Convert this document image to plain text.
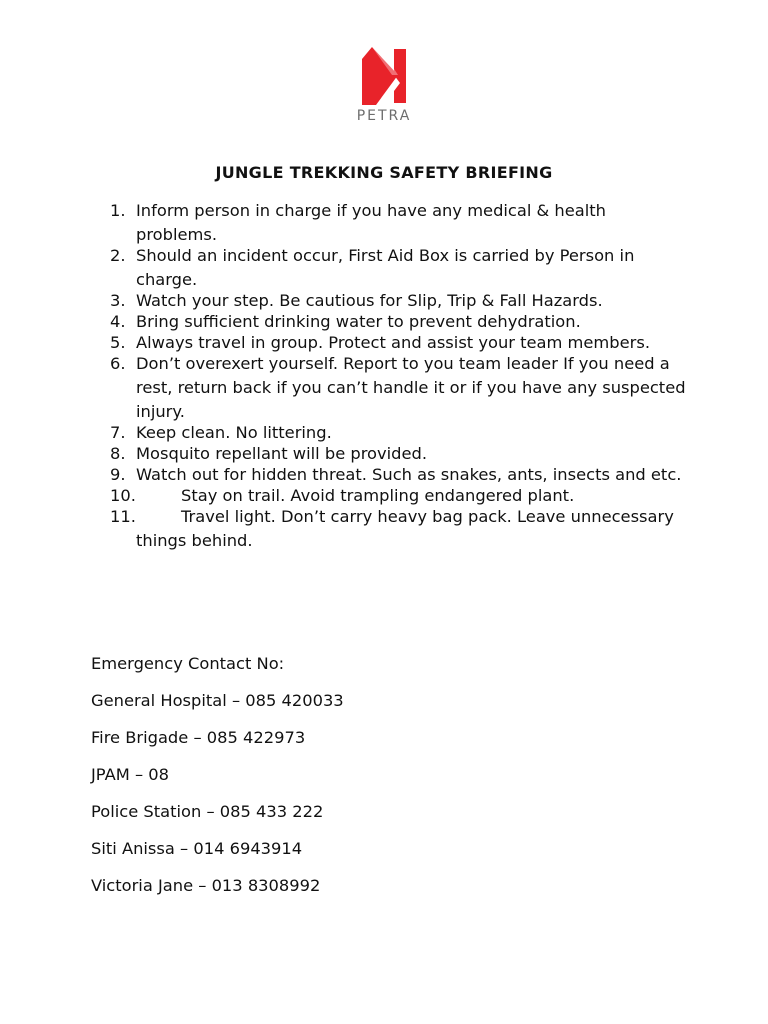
PETRA
JUNGLE TREKKING SAFETY BRIEFING
1. Inform person in charge if you have any medical & health problems.
2. Should an incident occur, First Aid Box is carried by Person in charge.
3. Watch your step. Be cautious for Slip, Trip & Fall Hazards.
4. Bring sufficient drinking water to prevent dehydration.
5. Always travel in group. Protect and assist your team members.
6. Don’t overexert yourself. Report to you team leader If you need a rest, return back if you can’t handle it or if you have any suspected injury.
7. Keep clean. No littering.
8. Mosquito repellant will be provided.
9. Watch out for hidden threat. Such as snakes, ants, insects and etc.
10.	Stay on trail. Avoid trampling endangered plant.
11.	Travel light. Don’t carry heavy bag pack. Leave unnecessary things behind.
Emergency Contact No:
General Hospital – 085 420033
Fire Brigade – 085 422973
JPAM – 08
Police Station – 085 433 222
Siti Anissa – 014 6943914
Victoria Jane – 013 8308992
